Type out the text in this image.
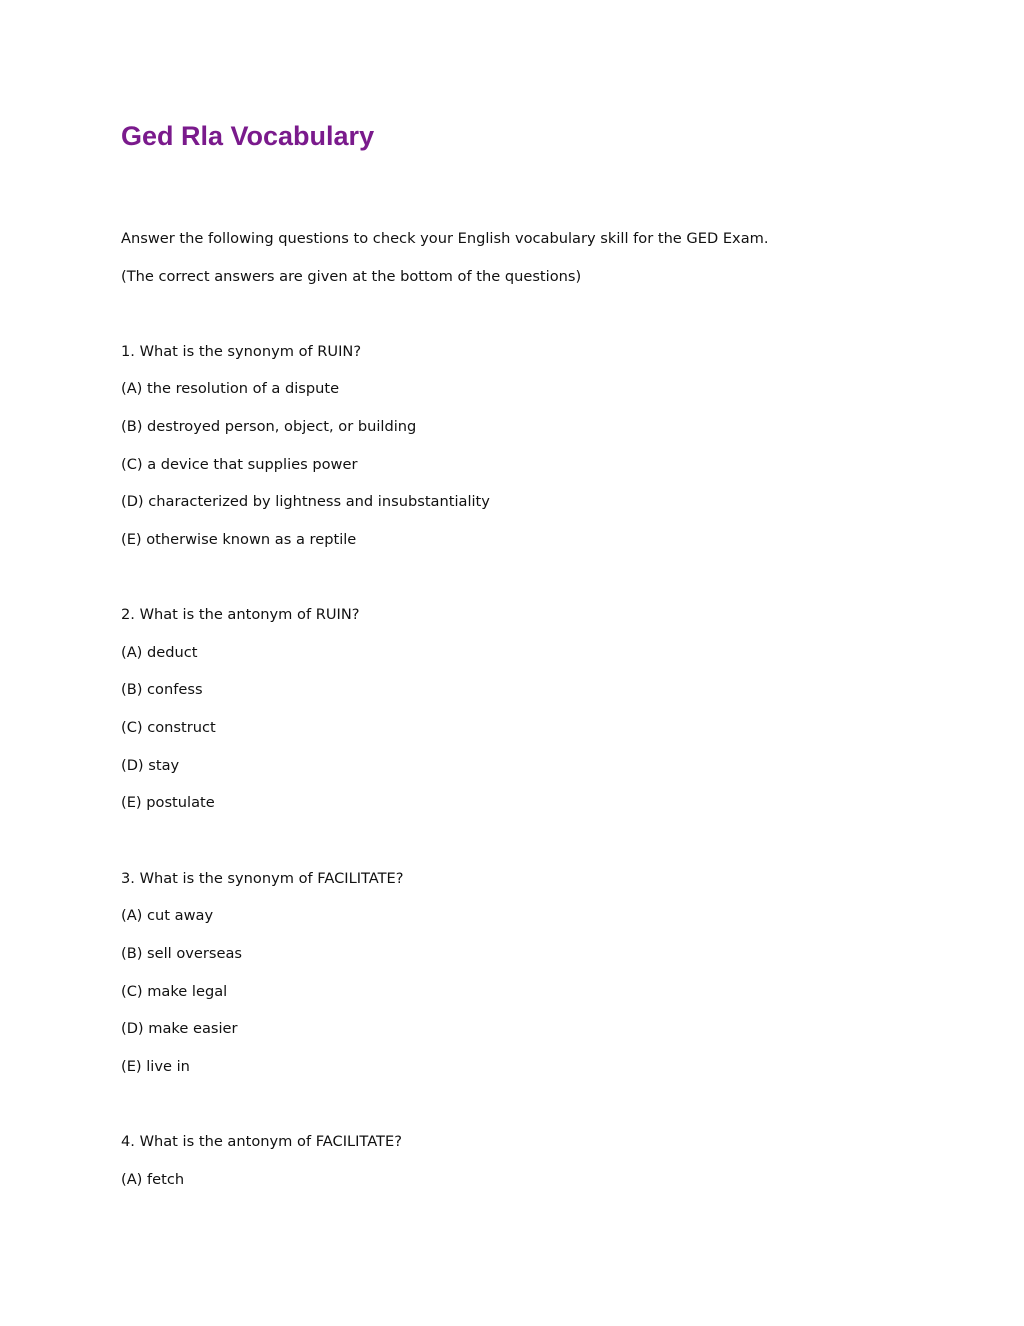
Ged Rla Vocabulary

Answer the following questions to check your English vocabulary skill for the GED Exam.

(The correct answers are given at the bottom of the questions)

1. What is the synonym of RUIN?

(A) the resolution of a dispute

(B) destroyed person, object, or building

(C) a device that supplies power

(D) characterized by lightness and insubstantiality

(E) otherwise known as a reptile

2. What is the antonym of RUIN?

(A) deduct

(B) confess

(C) construct

(D) stay

(E) postulate

3. What is the synonym of FACILITATE?

(A) cut away

(B) sell overseas

(C) make legal

(D) make easier

(E) live in

4. What is the antonym of FACILITATE?

(A) fetch
